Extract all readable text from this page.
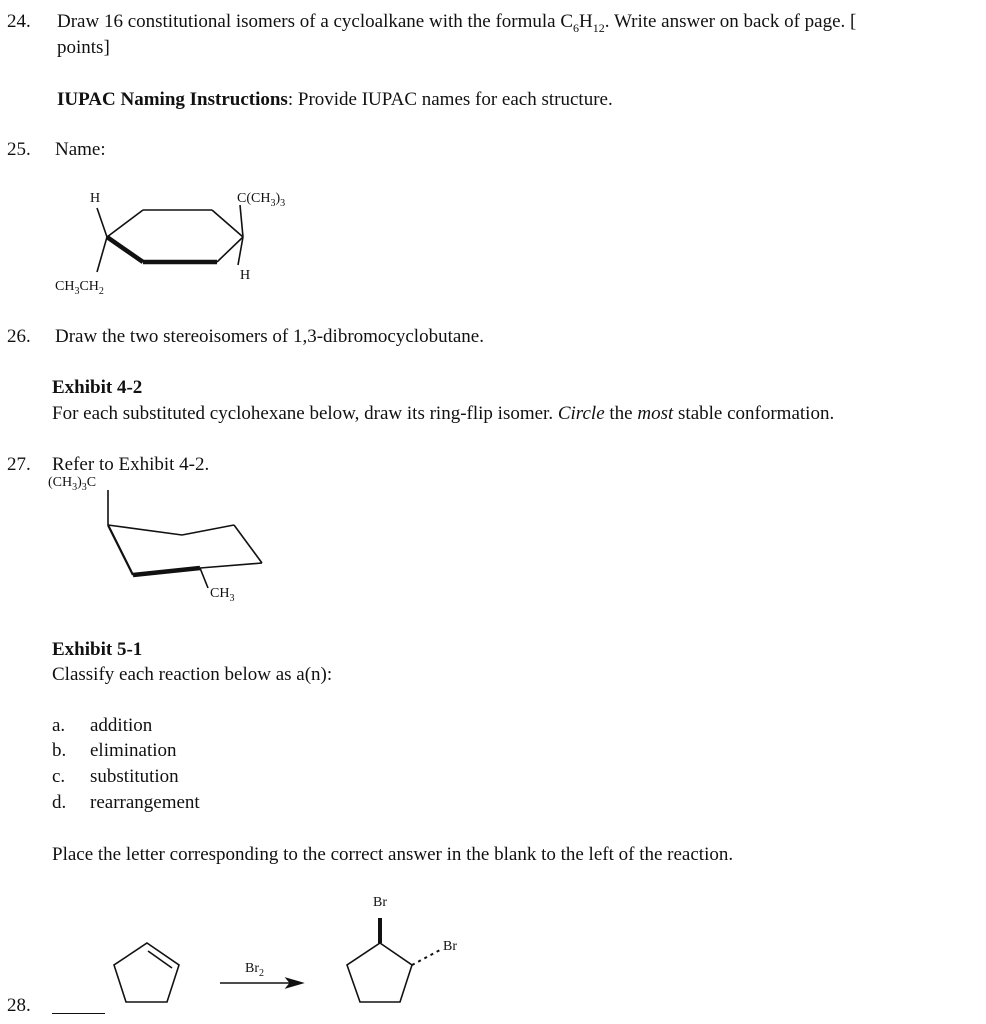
24. Draw 16 constitutional isomers of a cycloalkane with the formula $C_6H_{12}$. Write answer on back of page. [
points]
IUPAC Naming Instructions: Provide IUPAC names for each structure.
25. Name:
H	$C(CH_3)_3$
H
$CH_3CH_2$
26. Draw the two stereoisomers of 1,3-dibromocyclobutane.
Exhibit 4-2
For each substituted cyclohexane below, draw its ring-flip isomer. Circle the most stable conformation.
27. Refer to Exhibit 4-2.
$(CH_3)_3C$
$CH_3$
Exhibit 5-1
Classify each reaction below as a(n):
a. addition
b. elimination
c. substitution
d. rearrangement
Place the letter corresponding to the correct answer in the blank to the left of the reaction.
Br
Br
$Br_2$
28.
